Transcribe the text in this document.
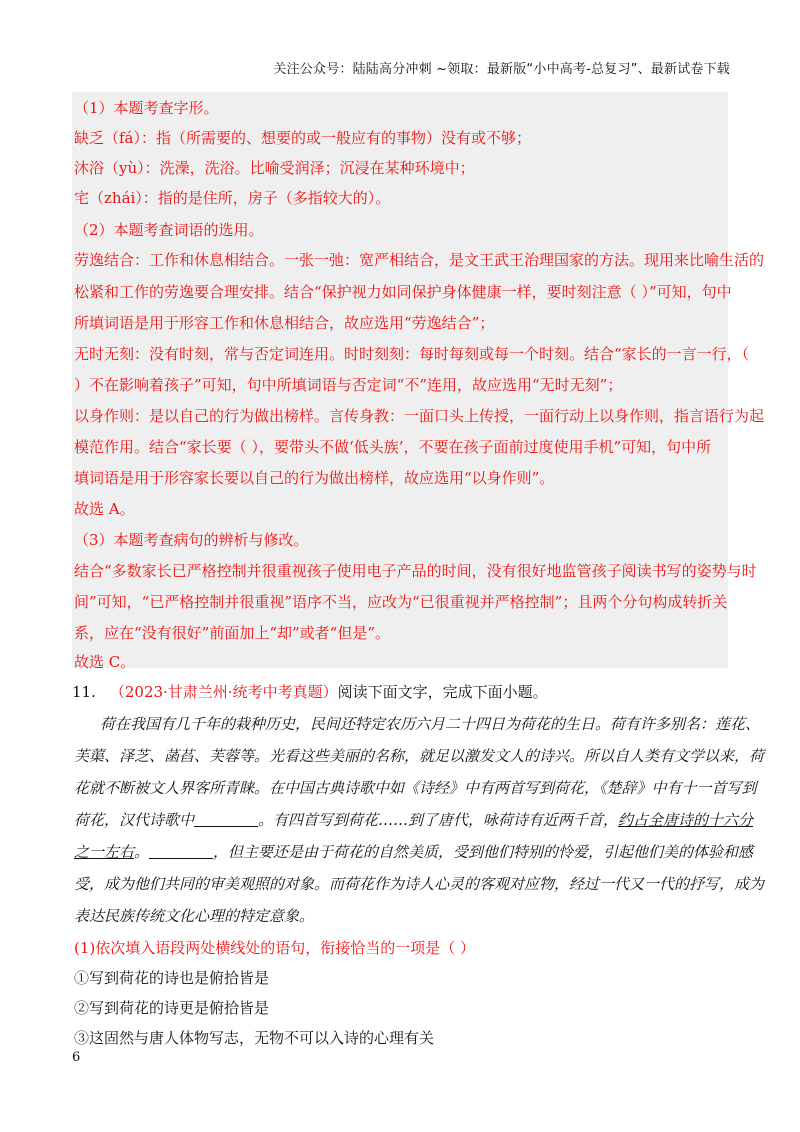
关注公众号：陆陆高分冲刺 ~领取：最新版“小中高考-总复习”、最新试卷下载
（1）本题考查字形。
缺乏（fá）：指（所需要的、想要的或一般应有的事物）没有或不够；
沐浴（yù）：洗澡，洗浴。比喻受润泽；沉浸在某种环境中；
宅（zhái）：指的是住所，房子（多指较大的）。
（2）本题考查词语的选用。
劳逸结合：工作和休息相结合。一张一弛：宽严相结合，是文王武王治理国家的方法。现用来比喻生活的
松紧和工作的劳逸要合理安排。结合“保护视力如同保护身体健康一样，要时刻注意（ ）”可知，句中
所填词语是用于形容工作和休息相结合，故应选用“劳逸结合”；
无时无刻：没有时刻，常与否定词连用。时时刻刻：每时每刻或每一个时刻。结合“家长的一言一行，（
）不在影响着孩子”可知，句中所填词语与否定词“不”连用，故应选用“无时无刻”；
以身作则：是以自己的行为做出榜样。言传身教：一面口头上传授，一面行动上以身作则，指言语行为起
模范作用。结合“家长要（ ），要带头不做‘低头族’，不要在孩子面前过度使用手机”可知，句中所
填词语是用于形容家长要以自己的行为做出榜样，故应选用“以身作则”。
故选 A。
（3）本题考查病句的辨析与修改。
结合“多数家长已严格控制并很重视孩子使用电子产品的时间，没有很好地监管孩子阅读书写的姿势与时
间”可知，“已严格控制并很重视”语序不当，应改为“已很重视并严格控制”；且两个分句构成转折关
系，应在“没有很好”前面加上“却”或者“但是”。
故选 C。
11. （2023·甘肃兰州·统考中考真题）阅读下面文字，完成下面小题。
荷在我国有几千年的栽种历史，民间还特定农历六月二十四日为荷花的生日。荷有许多别名：莲花、
芙蕖、泽芝、菡萏、芙蓉等。光看这些美丽的名称，就足以激发文人的诗兴。所以自人类有文学以来，荷
花就不断被文人界客所青睐。在中国古典诗歌中如《诗经》中有两首写到荷花，《楚辞》中有十一首写到
荷花，汉代诗歌中	。有四首写到荷花……到了唐代，咏荷诗有近两千首，约占全唐诗的十六分
之一左右。	，但主要还是由于荷花的自然美质，受到他们特别的怜爱，引起他们美的体验和感
受，成为他们共同的审美观照的对象。而荷花作为诗人心灵的客观对应物，经过一代又一代的抒写，成为
表达民族传统文化心理的特定意象。
(1)依次填入语段两处横线处的语句，衔接恰当的一项是（ ）
①写到荷花的诗也是俯拾皆是
②写到荷花的诗更是俯拾皆是
③这固然与唐人体物写志，无物不可以入诗的心理有关
6
